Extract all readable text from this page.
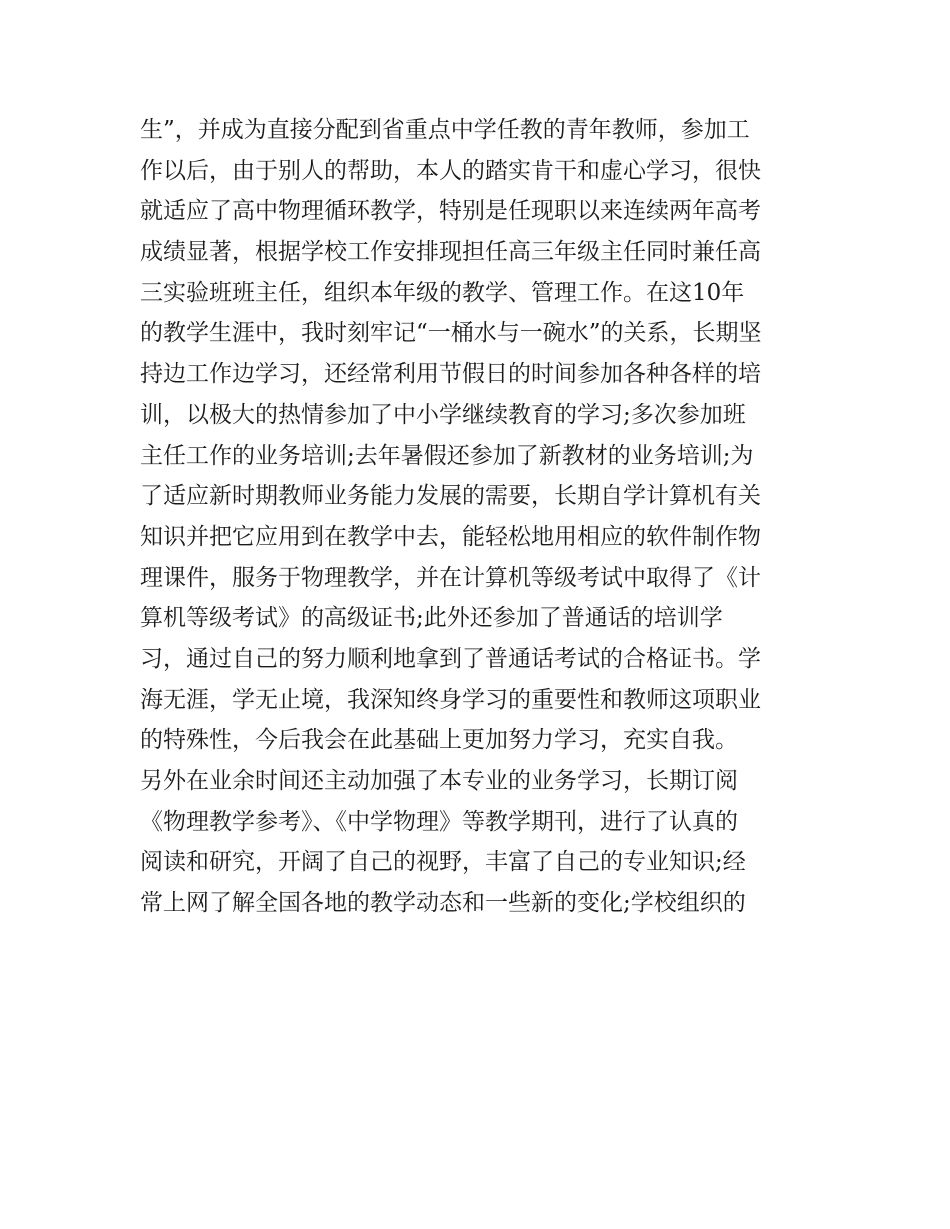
生”，并成为直接分配到省重点中学任教的青年教师，参加工
作以后，由于别人的帮助，本人的踏实肯干和虚心学习，很快
就适应了高中物理循环教学，特别是任现职以来连续两年高考
成绩显著，根据学校工作安排现担任高三年级主任同时兼任高
三实验班班主任，组织本年级的教学、管理工作。在这10年
的教学生涯中，我时刻牢记“一桶水与一碗水”的关系，长期坚
持边工作边学习，还经常利用节假日的时间参加各种各样的培
训，以极大的热情参加了中小学继续教育的学习;多次参加班
主任工作的业务培训;去年暑假还参加了新教材的业务培训;为
了适应新时期教师业务能力发展的需要，长期自学计算机有关
知识并把它应用到在教学中去，能轻松地用相应的软件制作物
理课件，服务于物理教学，并在计算机等级考试中取得了《计
算机等级考试》的高级证书;此外还参加了普通话的培训学
习，通过自己的努力顺利地拿到了普通话考试的合格证书。学
海无涯，学无止境，我深知终身学习的重要性和教师这项职业
的特殊性，今后我会在此基础上更加努力学习，充实自我。
另外在业余时间还主动加强了本专业的业务学习，长期订阅
《物理教学参考》、《中学物理》等教学期刊，进行了认真的
阅读和研究，开阔了自己的视野，丰富了自己的专业知识;经
常上网了解全国各地的教学动态和一些新的变化;学校组织的
